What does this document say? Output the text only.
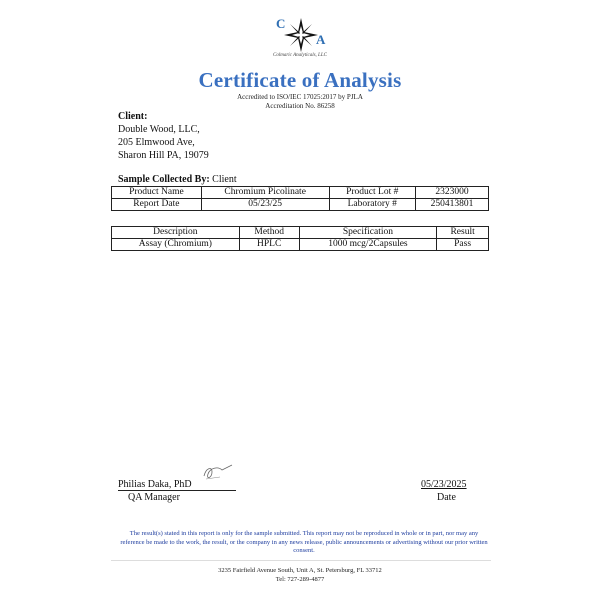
C
A
Colmaric Analyticals, LLC
Certificate of Analysis
Accredited to ISO/IEC 17025:2017 by PJLA
Accreditation No. 86258
Client:
Double Wood, LLC,
205 Elmwood Ave,
Sharon Hill PA, 19079
Sample Collected By: Client
Product Name	Chromium Picolinate	Product Lot #	2323000
Report Date	05/23/25	Laboratory #	250413801
Description	Method	Specification	Result
Assay (Chromium)	HPLC	1000 mcg/2Capsules	Pass
Philias Daka, PhD
QA Manager
05/23/2025
Date
The result(s) stated in this report is only for the sample submitted. This report may not be reproduced in whole or in part, nor may any reference be made to the work, the result, or the company in any news release, public announcements or advertising without our prior written consent.
3235 Fairfield Avenue South, Unit A, St. Petersburg, FL 33712
Tel: 727-289-4877
